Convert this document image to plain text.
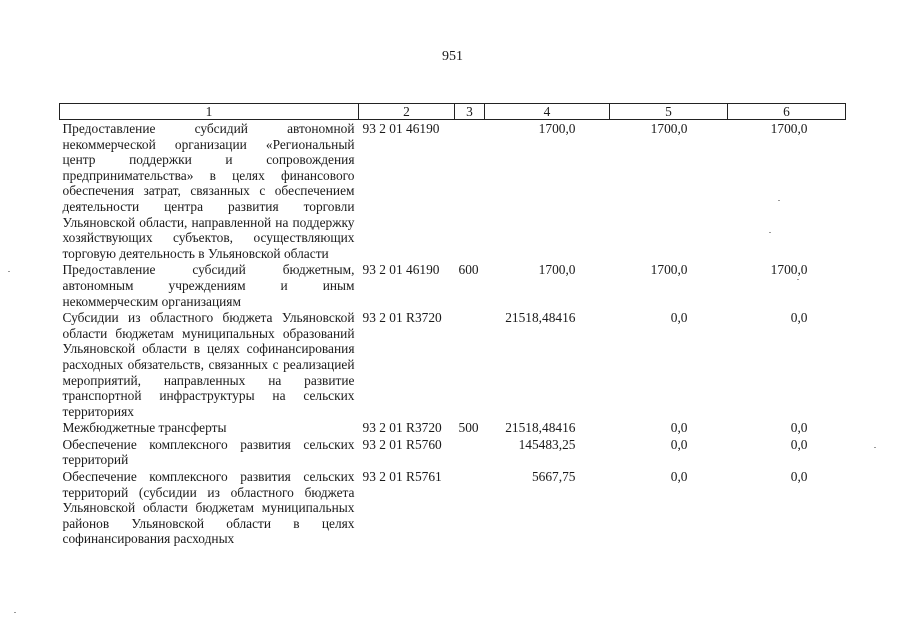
951
1	2	3	4	5	6
Предоставление субсидий автономной некоммерческой организации «Региональный центр поддержки и сопровождения предпринимательства» в целях финансового обеспечения затрат, связанных с обеспечением деятельности центра развития торговли Ульяновской области, направленной на поддержку хозяйствующих субъектов, осуществляющих торговую деятельность в Ульяновской области	93 2 01 46190		1700,0	1700,0	1700,0
Предоставление субсидий бюджетным, автономным учреждениям и иным некоммерческим организациям	93 2 01 46190	600	1700,0	1700,0	1700,0
Субсидии из областного бюджета Ульяновской области бюджетам муниципальных образований Ульяновской области в целях софинансирования расходных обязательств, связанных с реализацией мероприятий, направленных на развитие транспортной инфраструктуры на сельских территориях	93 2 01 R3720		21518,48416	0,0	0,0
Межбюджетные трансферты	93 2 01 R3720	500	21518,48416	0,0	0,0
Обеспечение комплексного развития сельских территорий	93 2 01 R5760		145483,25	0,0	0,0
Обеспечение комплексного развития сельских территорий (субсидии из областного бюджета Ульяновской области бюджетам муниципальных районов Ульяновской области в целях софинансирования расходных	93 2 01 R5761		5667,75	0,0	0,0
